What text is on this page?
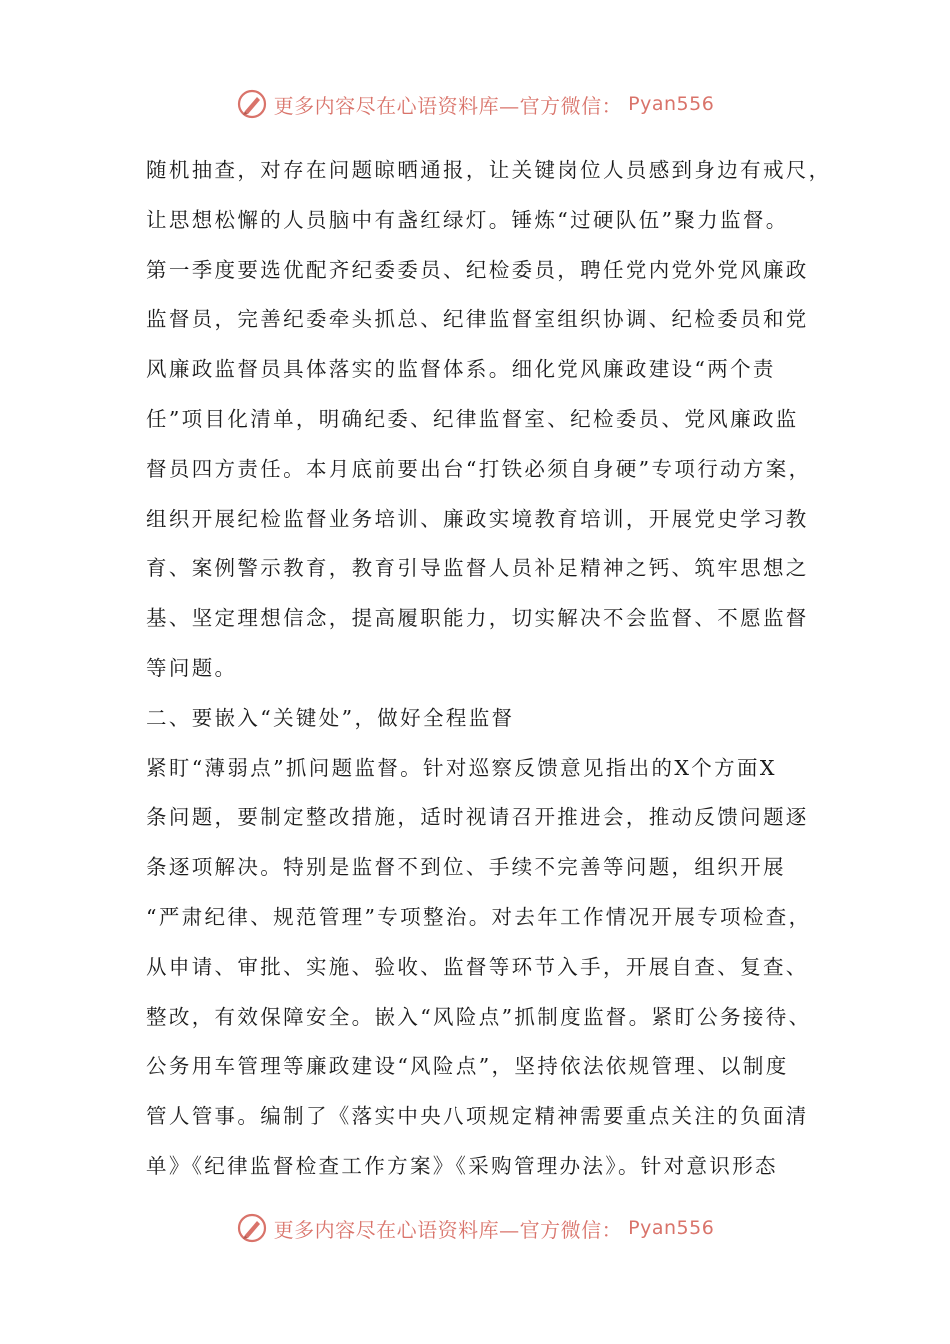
更多内容尽在心语资料库—官方微信： Pyan556
随机抽查，对存在问题晾晒通报，让关键岗位人员感到身边有戒尺，
让思想松懈的人员脑中有盏红绿灯。锤炼“过硬队伍”聚力监督。
第一季度要选优配齐纪委委员、纪检委员，聘任党内党外党风廉政
监督员，完善纪委牵头抓总、纪律监督室组织协调、纪检委员和党
风廉政监督员具体落实的监督体系。细化党风廉政建设“两个责
任”项目化清单，明确纪委、纪律监督室、纪检委员、党风廉政监
督员四方责任。本月底前要出台“打铁必须自身硬”专项行动方案，
组织开展纪检监督业务培训、廉政实境教育培训，开展党史学习教
育、案例警示教育，教育引导监督人员补足精神之钙、筑牢思想之
基、坚定理想信念，提高履职能力，切实解决不会监督、不愿监督
等问题。
二、要嵌入“关键处”，做好全程监督
紧盯“薄弱点”抓问题监督。针对巡察反馈意见指出的X个方面X
条问题，要制定整改措施，适时视请召开推进会，推动反馈问题逐
条逐项解决。特别是监督不到位、手续不完善等问题，组织开展
“严肃纪律、规范管理”专项整治。对去年工作情况开展专项检查，
从申请、审批、实施、验收、监督等环节入手，开展自查、复查、
整改，有效保障安全。嵌入“风险点”抓制度监督。紧盯公务接待、
公务用车管理等廉政建设“风险点”，坚持依法依规管理、以制度
管人管事。编制了《落实中央八项规定精神需要重点关注的负面清
单》《纪律监督检查工作方案》《采购管理办法》。针对意识形态
更多内容尽在心语资料库—官方微信： Pyan556
